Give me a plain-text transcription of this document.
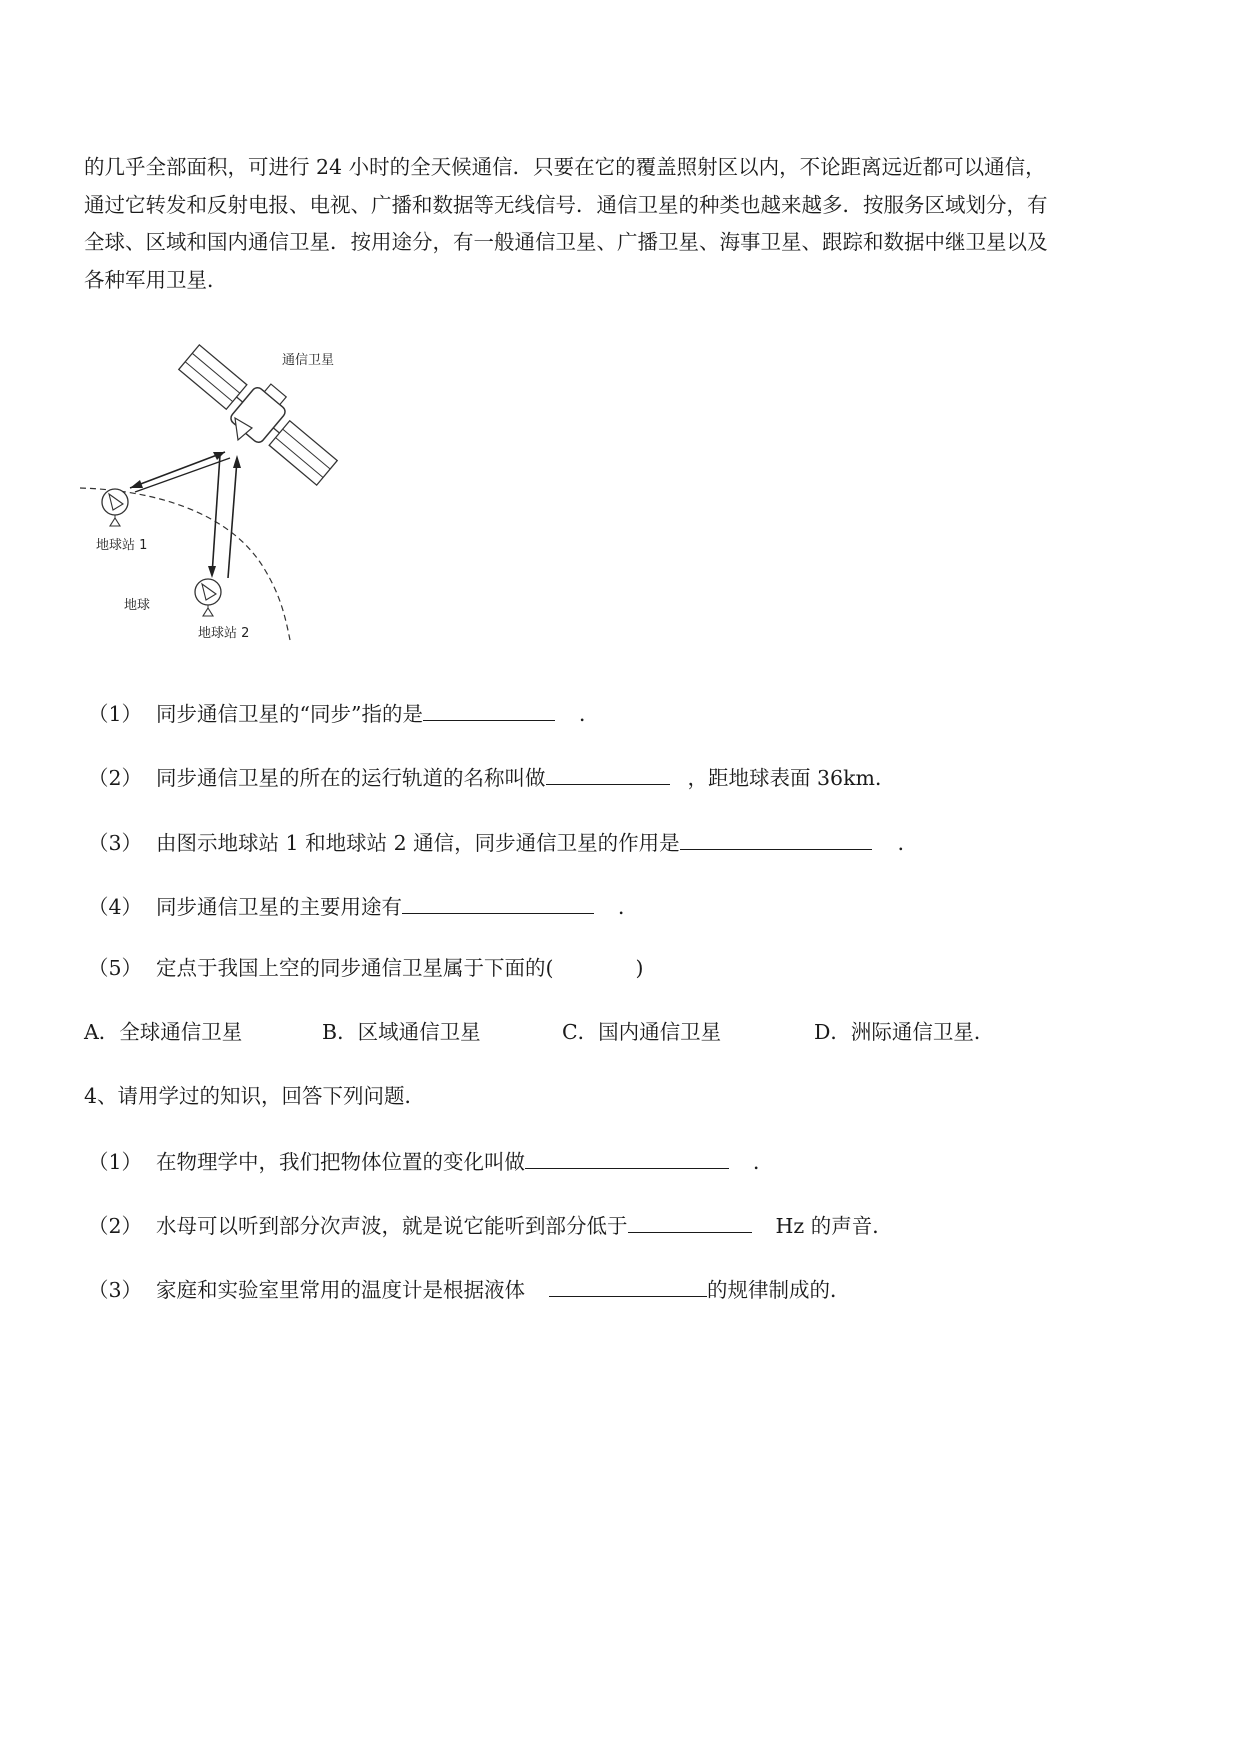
的几乎全部面积，可进行 24 小时的全天候通信．只要在它的覆盖照射区以内，不论距离远近都可以通信，
通过它转发和反射电报、电视、广播和数据等无线信号．通信卫星的种类也越来越多．按服务区域划分，有
全球、区域和国内通信卫星．按用途分，有一般通信卫星、广播卫星、海事卫星、跟踪和数据中继卫星以及
各种军用卫星．
通信卫星
地球站 1
地球站 2
地球
（1） 同步通信卫星的“同步”指的是	．
（2） 同步通信卫星的所在的运行轨道的名称叫做	，距地球表面 36km．
（3） 由图示地球站 1 和地球站 2 通信，同步通信卫星的作用是	．
（4） 同步通信卫星的主要用途有	．
（5） 定点于我国上空的同步通信卫星属于下面的(	)
A．全球通信卫星	B．区域通信卫星	C．国内通信卫星	D．洲际通信卫星．
4、请用学过的知识，回答下列问题．
（1） 在物理学中，我们把物体位置的变化叫做	．
（2） 水母可以听到部分次声波，就是说它能听到部分低于	Hz 的声音．
（3） 家庭和实验室里常用的温度计是根据液体	的规律制成的．
